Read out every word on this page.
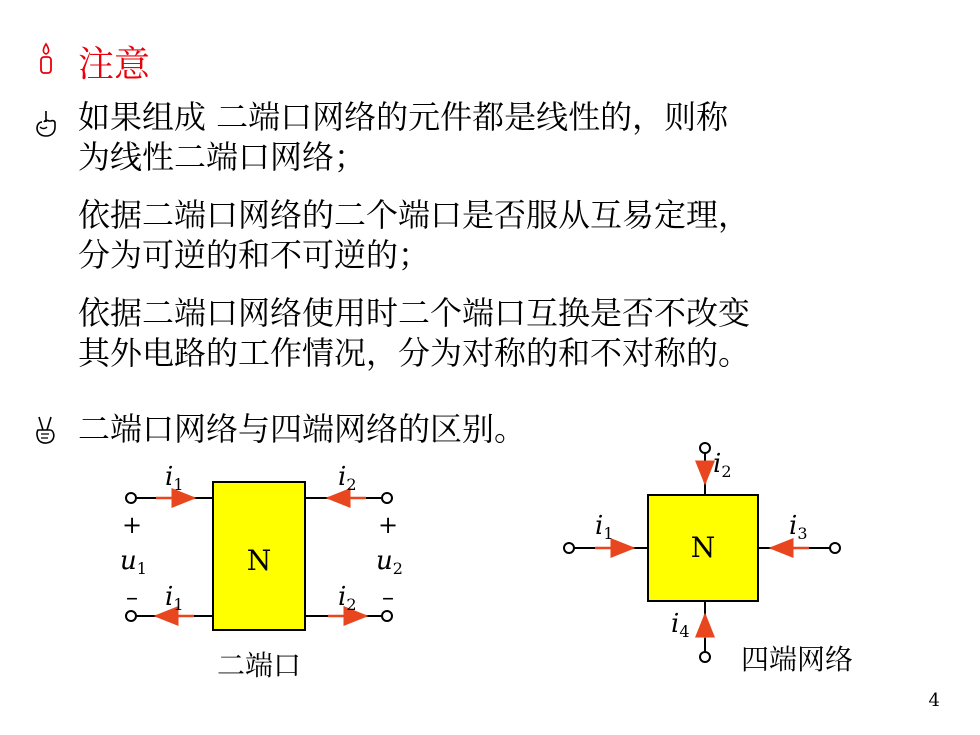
注意
如果组成 二端口网络的元件都是线性的，则称
为线性二端口网络；
依据二端口网络的二个端口是否服从互易定理，
分为可逆的和不可逆的；
依据二端口网络使用时二个端口互换是否不改变
其外电路的工作情况，分为对称的和不对称的。
二端口网络与四端网络的区别。
N
i1	i2
i1	i2
+	+
–	–
u1	u2
二端口
N
i2
i1	i3
i4
四端网络
4
